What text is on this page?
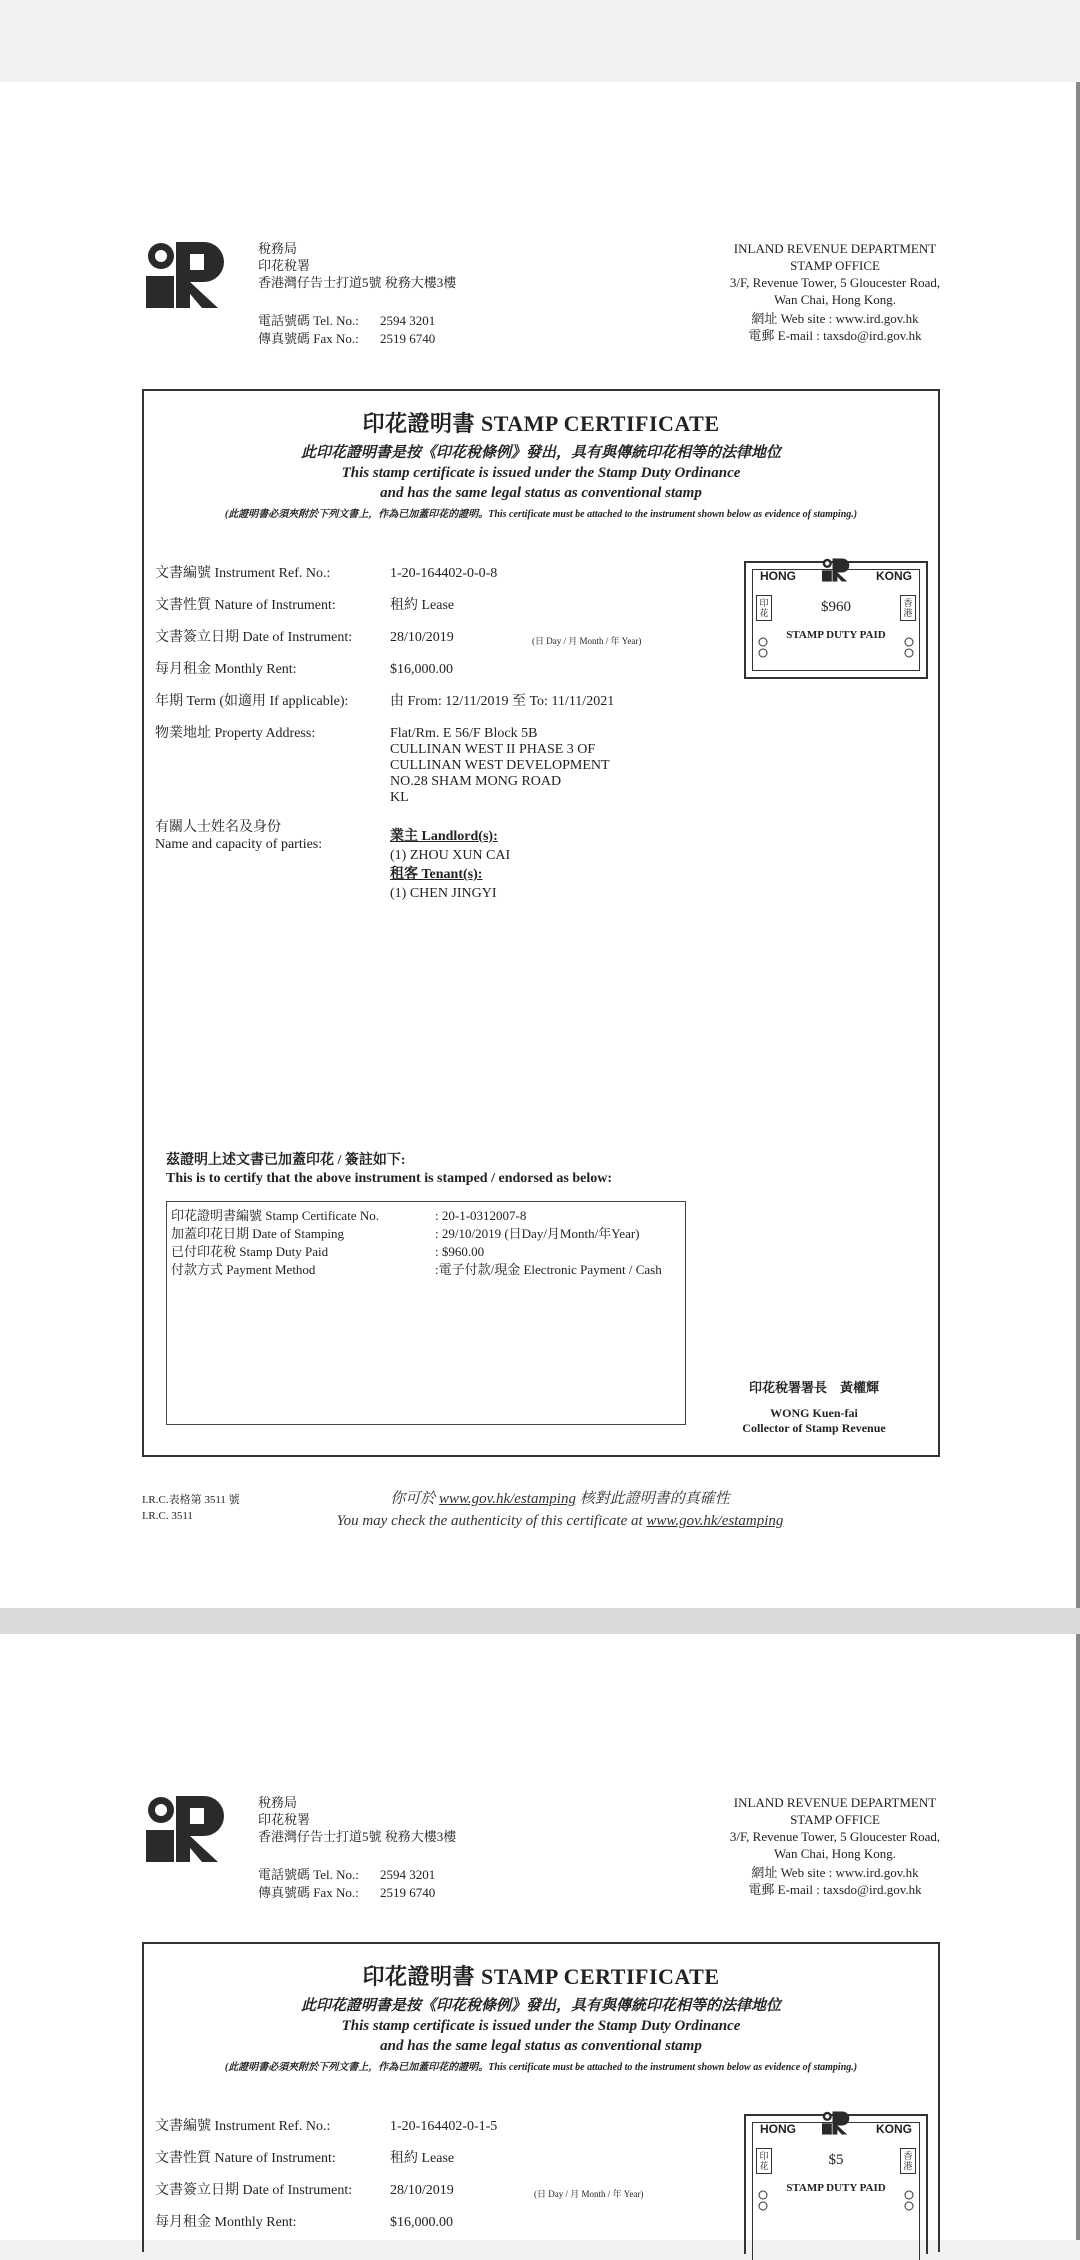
稅務局
印花稅署
香港灣仔告士打道5號 稅務大樓3樓
電話號碼 Tel. No.: 2594 3201
傳真號碼 Fax No.: 2519 6740
INLAND REVENUE DEPARTMENT
STAMP OFFICE
3/F, Revenue Tower, 5 Gloucester Road,
Wan Chai, Hong Kong.
網址 Web site : www.ird.gov.hk
電郵 E-mail : taxsdo@ird.gov.hk
印花證明書 STAMP CERTIFICATE
此印花證明書是按《印花稅條例》發出，具有與傳統印花相等的法律地位
This stamp certificate is issued under the Stamp Duty Ordinance
and has the same legal status as conventional stamp
(此證明書必須夾附於下列文書上，作為已加蓋印花的證明。This certificate must be attached to the instrument shown below as evidence of stamping.)
文書編號 Instrument Ref. No.:	1-20-164402-0-0-8
文書性質 Nature of Instrument:	租約 Lease
文書簽立日期 Date of Instrument:	28/10/2019	(日 Day / 月 Month / 年 Year)
每月租金 Monthly Rent:	$16,000.00
年期 Term (如適用 If applicable):	由 From: 12/11/2019 至 To: 11/11/2021
物業地址 Property Address:	Flat/Rm. E 56/F Block 5B
CULLINAN WEST II PHASE 3 OF
CULLINAN WEST DEVELOPMENT
NO.28 SHAM MONG ROAD
KL
有關人士姓名及身份
Name and capacity of parties:
業主 Landlord(s):
(1) ZHOU XUN CAI
租客 Tenant(s):
(1) CHEN JINGYI
HONG	KONG
$960
STAMP DUTY PAID
印花
香港
茲證明上述文書已加蓋印花 / 簽註如下:
This is to certify that the above instrument is stamped / endorsed as below:
印花證明書編號 Stamp Certificate No.	: 20-1-0312007-8
加蓋印花日期 Date of Stamping	: 29/10/2019 (日Day/月Month/年Year)
已付印花稅 Stamp Duty Paid	: $960.00
付款方式 Payment Method	:電子付款/現金 Electronic Payment / Cash
印花稅署署長　黃權輝
WONG Kuen-fai
Collector of Stamp Revenue
I.R.C.表格第 3511 號
I.R.C. 3511
你可於 www.gov.hk/estamping 核對此證明書的真確性
You may check the authenticity of this certificate at www.gov.hk/estamping
稅務局
印花稅署
香港灣仔告士打道5號 稅務大樓3樓
電話號碼 Tel. No.: 2594 3201
傳真號碼 Fax No.: 2519 6740
INLAND REVENUE DEPARTMENT
STAMP OFFICE
3/F, Revenue Tower, 5 Gloucester Road,
Wan Chai, Hong Kong.
網址 Web site : www.ird.gov.hk
電郵 E-mail : taxsdo@ird.gov.hk
印花證明書 STAMP CERTIFICATE
此印花證明書是按《印花稅條例》發出，具有與傳統印花相等的法律地位
This stamp certificate is issued under the Stamp Duty Ordinance
and has the same legal status as conventional stamp
(此證明書必須夾附於下列文書上，作為已加蓋印花的證明。This certificate must be attached to the instrument shown below as evidence of stamping.)
文書編號 Instrument Ref. No.:	1-20-164402-0-1-5
文書性質 Nature of Instrument:	租約 Lease
文書簽立日期 Date of Instrument:	28/10/2019	(日 Day / 月 Month / 年 Year)
每月租金 Monthly Rent:	$16,000.00
HONG	KONG
$5
STAMP DUTY PAID
印花
香港
